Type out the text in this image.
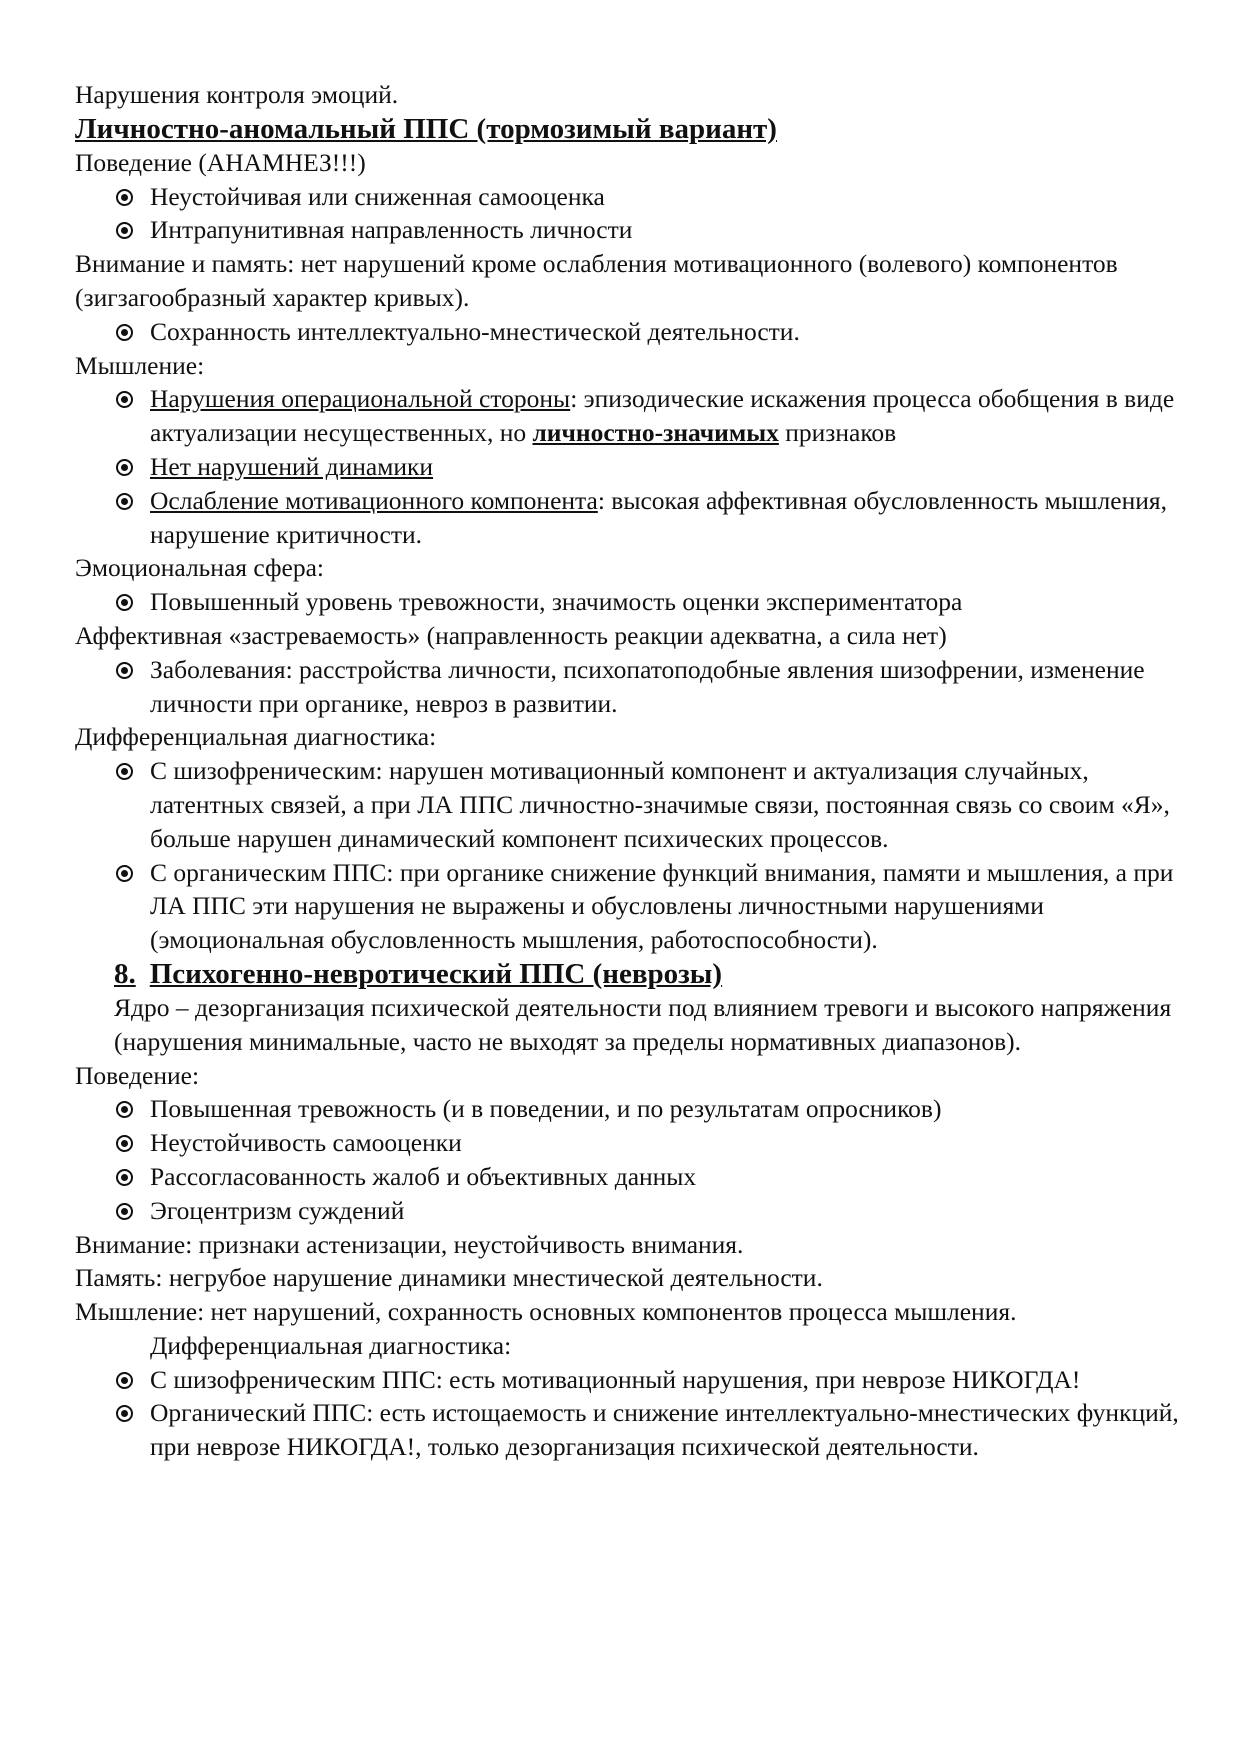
Нарушения контроля эмоций.

Личностно-аномальный ППС (тормозимый вариант)

Поведение (АНАМНЕЗ!!!)

Неустойчивая или сниженная самооценка
Интрапунитивная направленность личности

Внимание и память: нет нарушений кроме ослабления мотивационного (волевого) компонентов (зигзагообразный характер кривых).

Сохранность интеллектуально-мнестической деятельности.

Мышление:

Нарушения операциональной стороны: эпизодические искажения процесса обобщения в виде актуализации несущественных, но личностно-значимых признаков
Нет нарушений динамики
Ослабление мотивационного компонента: высокая аффективная обусловленность мышления, нарушение критичности.

Эмоциональная сфера:

Повышенный уровень тревожности, значимость оценки экспериментатора

Аффективная «застреваемость» (направленность реакции адекватна, а сила нет)

Заболевания: расстройства личности, психопатоподобные явления шизофрении, изменение личности при органике, невроз в развитии.

Дифференциальная диагностика:

С шизофреническим: нарушен мотивационный компонент и актуализация случайных, латентных связей, а при ЛА ППС личностно-значимые связи, постоянная связь со своим «Я», больше нарушен динамический компонент психических процессов.
С органическим ППС: при органике снижение функций внимания, памяти и мышления, а при ЛА ППС эти нарушения не выражены и обусловлены личностными нарушениями (эмоциональная обусловленность мышления, работоспособности).

8. Психогенно-невротический ППС (неврозы)

Ядро – дезорганизация психической деятельности под влиянием тревоги и высокого напряжения (нарушения минимальные, часто не выходят за пределы нормативных диапазонов).

Поведение:

Повышенная тревожность (и в поведении, и по результатам опросников)
Неустойчивость самооценки
Рассогласованность жалоб и объективных данных
Эгоцентризм суждений

Внимание: признаки астенизации, неустойчивость внимания.

Память: негрубое нарушение динамики мнестической деятельности.

Мышление: нет нарушений, сохранность основных компонентов процесса мышления.

Дифференциальная диагностика:

С шизофреническим ППС: есть мотивационный нарушения, при неврозе НИКОГДА!
Органический ППС: есть истощаемость и снижение интеллектуально-мнестических функций, при неврозе НИКОГДА!, только дезорганизация психической деятельности.
